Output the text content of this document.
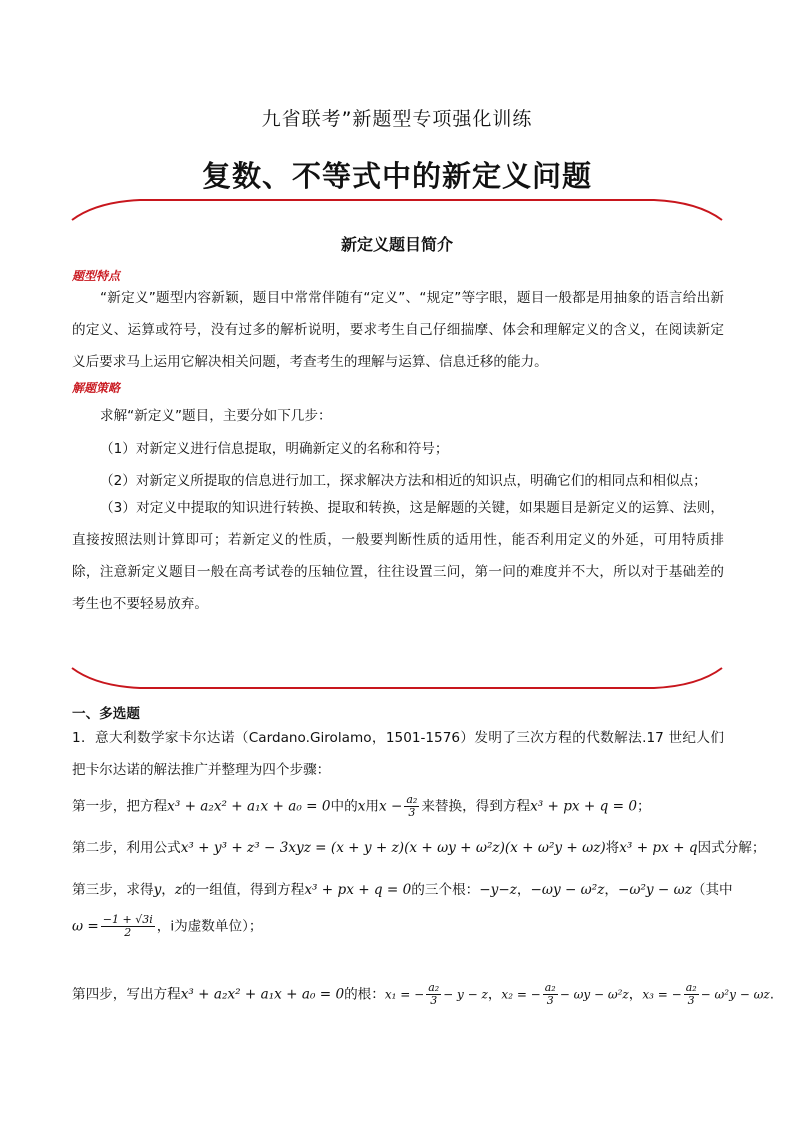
九省联考”新题型专项强化训练
复数、不等式中的新定义问题
新定义题目简介
题型特点
“新定义”题型内容新颖，题目中常常伴随有“定义”、“规定”等字眼，题目一般都是用抽象的语言给出新的定义、运算或符号，没有过多的解析说明，要求考生自己仔细揣摩、体会和理解定义的含义，在阅读新定义后要求马上运用它解决相关问题，考查考生的理解与运算、信息迁移的能力。
解题策略
求解“新定义”题目，主要分如下几步：
（1）对新定义进行信息提取，明确新定义的名称和符号；
（2）对新定义所提取的信息进行加工，探求解决方法和相近的知识点，明确它们的相同点和相似点；
（3）对定义中提取的知识进行转换、提取和转换，这是解题的关键，如果题目是新定义的运算、法则，直接按照法则计算即可；若新定义的性质，一般要判断性质的适用性，能否利用定义的外延，可用特质排除，注意新定义题目一般在高考试卷的压轴位置，往往设置三问，第一问的难度并不大，所以对于基础差的考生也不要轻易放弃。
一、多选题
1．意大利数学家卡尔达诺（Cardano.Girolamo，1501-1576）发明了三次方程的代数解法.17 世纪人们把卡尔达诺的解法推广并整理为四个步骤：
第一步，把方程x³ + a₂x² + a₁x + a₀ = 0中的x用$x - \frac{\text{a₂}}{3}$ 来替换，得到方程x³ + px + q = 0；
第二步，利用公式x³ + y³ + z³ − 3xyz = (x + y + z)(x + ωy + ω²z)(x + ω²y + ωz)将x³ + px + q因式分解；
第三步，求得y，z的一组值，得到方程x³ + px + q = 0的三个根：−y−z，−ωy − ω²z，−ω²y − ωz（其中
$\omega = \frac{-1 + √3i}{2}$ ，i为虚数单位）；
第四步，写出方程x³ + a₂x² + a₁x + a₀ = 0的根：x₁ = − $\frac{\text{a₂}}{3} - y - z$，x₂ = − $\frac{\text{a₂}}{3} - \omega y - \omega^2z$，x₃ = − $\frac{\text{a₂}}{3} - \omega^2y - \omega z$.
